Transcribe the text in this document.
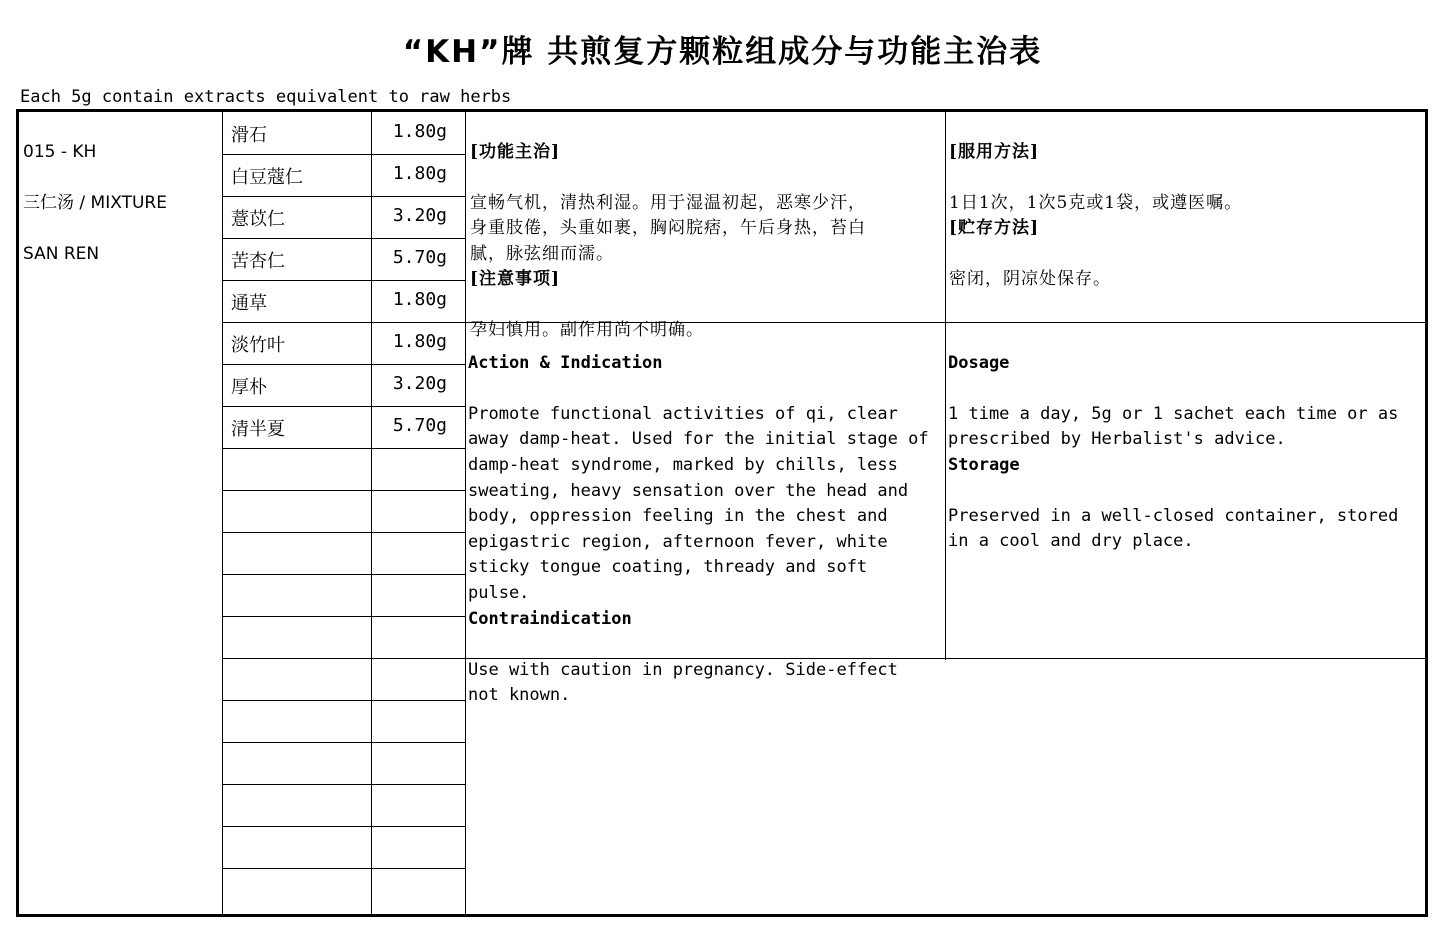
“KH”牌 共煎复方颗粒组成分与功能主治表
Each 5g contain extracts equivalent to raw herbs

015 - KH

三仁汤 / MIXTURE

SAN REN

滑石	1.80g
白豆蔻仁	1.80g
薏苡仁	3.20g
苦杏仁	5.70g
通草	1.80g
淡竹叶	1.80g
厚朴	3.20g
清半夏	5.70g

[功能主治]

宣畅气机，清热利湿。用于湿温初起，恶寒少汗，
身重肢倦，头重如裹，胸闷脘痞，午后身热，苔白
腻，脉弦细而濡。

[注意事项]

孕妇慎用。副作用尚不明确。

[服用方法]

1日1次，1次5克或1袋，或遵医嘱。

[贮存方法]

密闭，阴凉处保存。

Action & Indication

Promote functional activities of qi, clear
away damp-heat. Used for the initial stage of
damp-heat syndrome, marked by chills, less
sweating, heavy sensation over the head and
body, oppression feeling in the chest and
epigastric region, afternoon fever, white
sticky tongue coating, thready and soft
pulse.

Contraindication

Use with caution in pregnancy. Side-effect
not known.

Dosage

1 time a day, 5g or 1 sachet each time or as
prescribed by Herbalist's advice.

Storage

Preserved in a well-closed container, stored
in a cool and dry place.
